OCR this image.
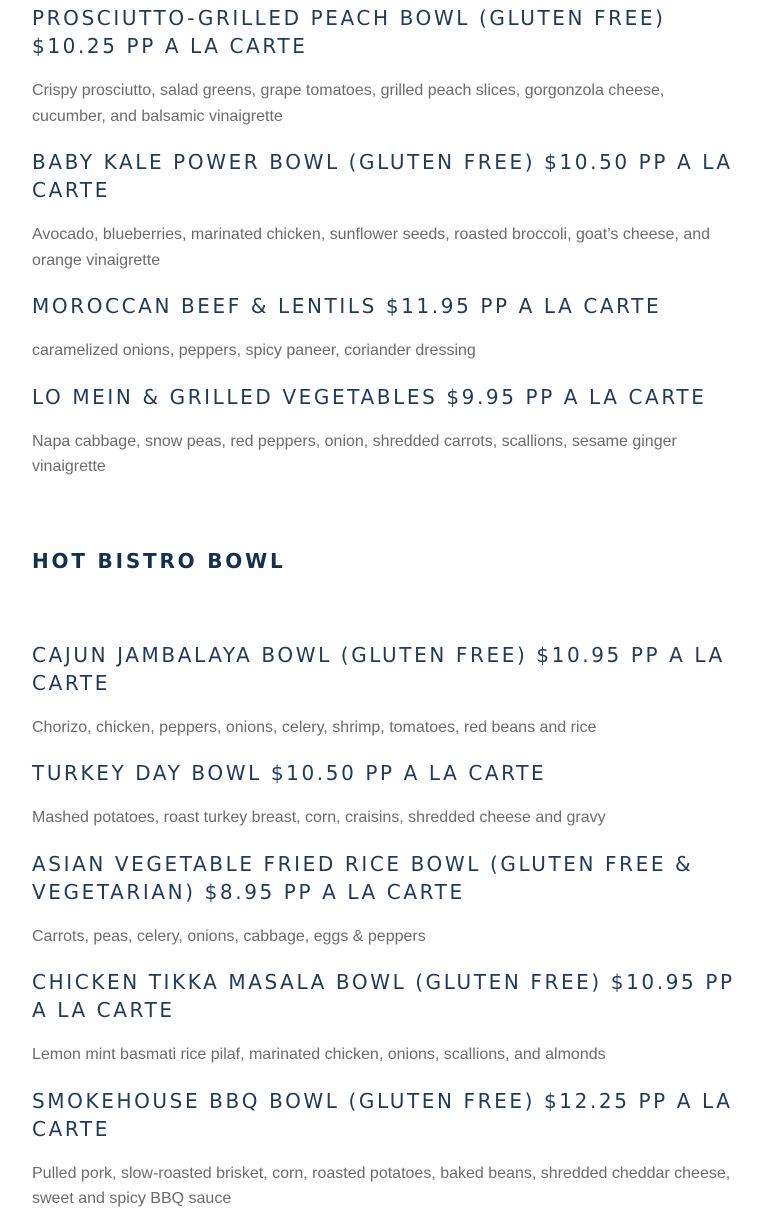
PROSCIUTTO-GRILLED PEACH BOWL (GLUTEN FREE) $10.25 PP A LA CARTE

Crispy prosciutto, salad greens, grape tomatoes, grilled peach slices, gorgonzola cheese, cucumber, and balsamic vinaigrette

BABY KALE POWER BOWL (GLUTEN FREE) $10.50 PP A LA CARTE

Avocado, blueberries, marinated chicken, sunflower seeds, roasted broccoli, goat’s cheese, and orange vinaigrette

MOROCCAN BEEF & LENTILS $11.95 PP A LA CARTE

caramelized onions, peppers, spicy paneer, coriander dressing

LO MEIN & GRILLED VEGETABLES $9.95 PP A LA CARTE

Napa cabbage, snow peas, red peppers, onion, shredded carrots, scallions, sesame ginger vinaigrette

HOT BISTRO BOWL
CAJUN JAMBALAYA BOWL (GLUTEN FREE) $10.95 PP A LA CARTE

Chorizo, chicken, peppers, onions, celery, shrimp, tomatoes, red beans and rice

TURKEY DAY BOWL $10.50 PP A LA CARTE

Mashed potatoes, roast turkey breast, corn, craisins, shredded cheese and gravy

ASIAN VEGETABLE FRIED RICE BOWL (GLUTEN FREE & VEGETARIAN) $8.95 PP A LA CARTE

Carrots, peas, celery, onions, cabbage, eggs & peppers

CHICKEN TIKKA MASALA BOWL (GLUTEN FREE) $10.95 PP A LA CARTE

Lemon mint basmati rice pilaf, marinated chicken, onions, scallions, and almonds

SMOKEHOUSE BBQ BOWL (GLUTEN FREE) $12.25 PP A LA CARTE

Pulled pork, slow-roasted brisket, corn, roasted potatoes, baked beans, shredded cheddar cheese, sweet and spicy BBQ sauce
